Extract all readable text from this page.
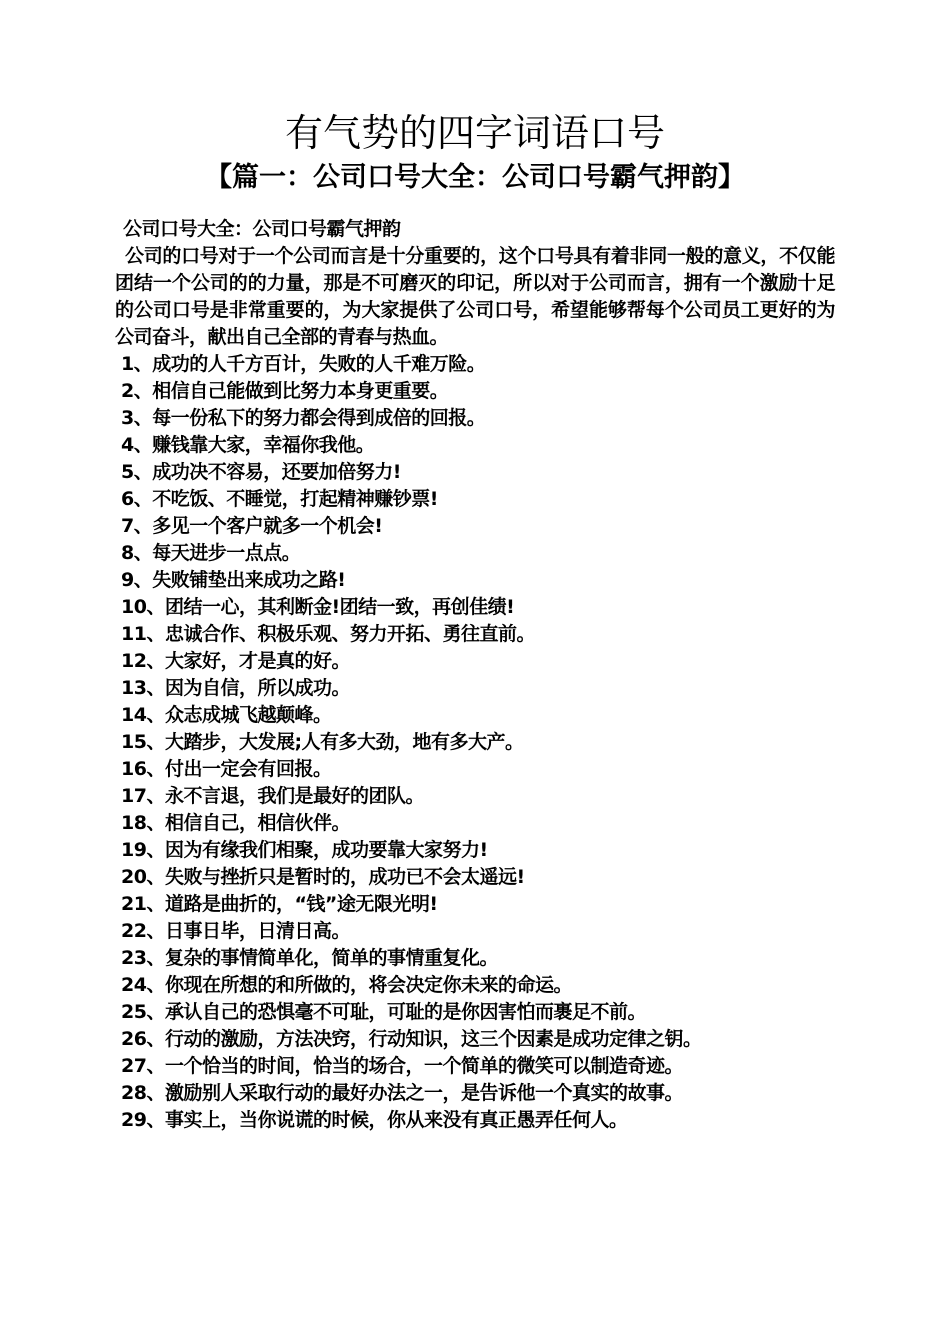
有气势的四字词语口号
【篇一：公司口号大全：公司口号霸气押韵】

公司口号大全：公司口号霸气押韵

公司的口号对于一个公司而言是十分重要的，这个口号具有着非同一般的意义，不仅能团结一个公司的的力量，那是不可磨灭的印记，所以对于公司而言，拥有一个激励十足的公司口号是非常重要的，为大家提供了公司口号，希望能够帮每个公司员工更好的为公司奋斗，献出自己全部的青春与热血。

1、成功的人千方百计，失败的人千难万险。
2、相信自己能做到比努力本身更重要。
3、每一份私下的努力都会得到成倍的回报。
4、赚钱靠大家，幸福你我他。
5、成功决不容易，还要加倍努力!
6、不吃饭、不睡觉，打起精神赚钞票!
7、多见一个客户就多一个机会!
8、每天进步一点点。
9、失败铺垫出来成功之路!
10、团结一心，其利断金!团结一致，再创佳绩!
11、忠诚合作、积极乐观、努力开拓、勇往直前。
12、大家好，才是真的好。
13、因为自信，所以成功。
14、众志成城飞越颠峰。
15、大踏步，大发展;人有多大劲，地有多大产。
16、付出一定会有回报。
17、永不言退，我们是最好的团队。
18、相信自己，相信伙伴。
19、因为有缘我们相聚，成功要靠大家努力!
20、失败与挫折只是暂时的，成功已不会太遥远!
21、道路是曲折的，“钱”途无限光明!
22、日事日毕，日清日高。
23、复杂的事情简单化，简单的事情重复化。
24、你现在所想的和所做的，将会决定你未来的命运。
25、承认自己的恐惧毫不可耻，可耻的是你因害怕而裹足不前。
26、行动的激励，方法决窍，行动知识，这三个因素是成功定律之钥。
27、一个恰当的时间，恰当的场合，一个简单的微笑可以制造奇迹。
28、激励别人采取行动的最好办法之一，是告诉他一个真实的故事。
29、事实上，当你说谎的时候，你从来没有真正愚弄任何人。
